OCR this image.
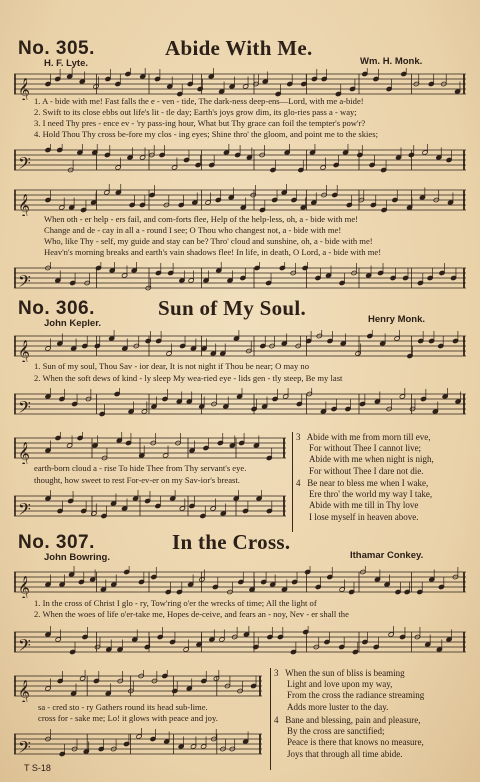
No. 305.	Abide With Me.
H. F. Lyte.	Wm. H. Monk.
𝄞 1. A - bide with me! Fast falls the e - ven - tide, The dark-ness deep-ens—Lord, with me a-bide!
2. Swift to its close ebbs out life's lit - tle day; Earth's joys grow dim, its glo-ries pass a - way;
3. I need Thy pres - ence ev - 'ry pass-ing hour, What but Thy grace can foil the tempter's pow'r?
4. Hold Thou Thy cross be-fore my clos - ing eyes; Shine thro' the gloom, and point me to the skies;
𝄢
𝄞
When oth - er help - ers fail, and com-forts flee, Help of the help-less, oh, a - bide with me!
Change and de - cay in all a - round I see; O Thou who changest not, a - bide with me!
Who, like Thy - self, my guide and stay can be? Thro' cloud and sunshine, oh, a - bide with me!
Heav'n's morning breaks and earth's vain shadows flee! In life, in death, O Lord, a - bide with me!
𝄢
No. 306.	Sun of My Soul.
John Kepler.	Henry Monk.
𝄞
1. Sun of my soul, Thou Sav - ior dear, It is not night if Thou be near; O may no
2. When the soft dews of kind - ly sleep My wea-ried eye - lids gen - tly steep, Be my last
𝄢
𝄞
earth-born cloud a - rise To hide Thee from Thy servant's eye.
thought, how sweet to rest For-ev-er on my Sav-ior's breast.
𝄢
3 Abide with me from morn till eve,
For without Thee I cannot live;
Abide with me when night is nigh,
For without Thee I dare not die.
4 Be near to bless me when I wake,
Ere thro' the world my way I take,
Abide with me till in Thy love
I lose myself in heaven above.
No. 307.	In the Cross.
John Bowring.	Ithamar Conkey.
𝄞
1. In the cross of Christ I glo - ry, Tow'ring o'er the wrecks of time; All the light of
2. When the woes of life o'er-take me, Hopes de-ceive, and fears an - noy, Nev - er shall the
𝄢
𝄞
sa - cred sto - ry Gathers round its head sub-lime.
cross for - sake me; Lo! it glows with peace and joy.
𝄢
3 When the sun of bliss is beaming
Light and love upon my way,
From the cross the radiance streaming
Adds more luster to the day.
4 Bane and blessing, pain and pleasure,
By the cross are sanctified;
Peace is there that knows no measure,
Joys that through all time abide.
T S-18
